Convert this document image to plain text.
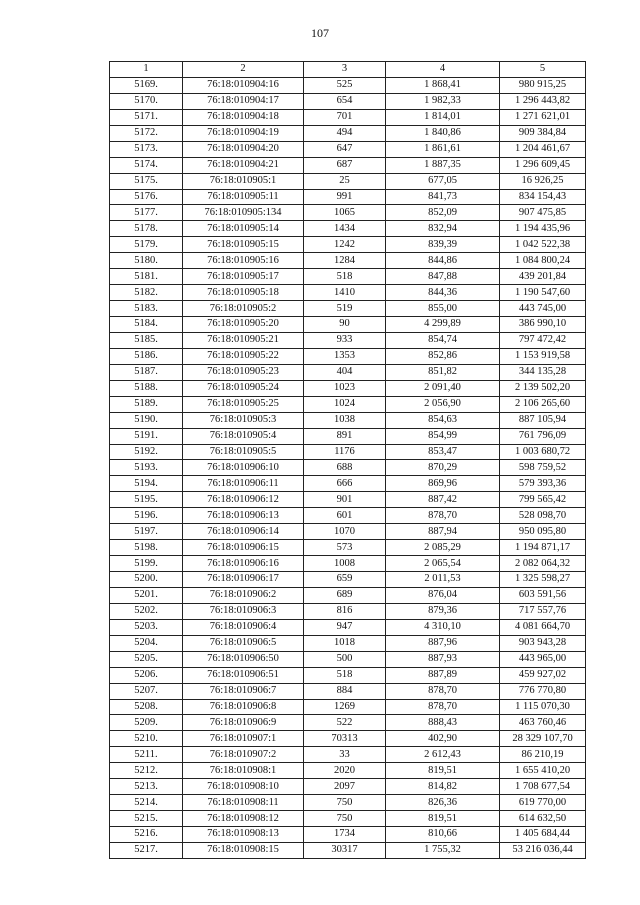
107
1	2	3	4	5
5169.	76:18:010904:16	525	1 868,41	980 915,25
5170.	76:18:010904:17	654	1 982,33	1 296 443,82
5171.	76:18:010904:18	701	1 814,01	1 271 621,01
5172.	76:18:010904:19	494	1 840,86	909 384,84
5173.	76:18:010904:20	647	1 861,61	1 204 461,67
5174.	76:18:010904:21	687	1 887,35	1 296 609,45
5175.	76:18:010905:1	25	677,05	16 926,25
5176.	76:18:010905:11	991	841,73	834 154,43
5177.	76:18:010905:134	1065	852,09	907 475,85
5178.	76:18:010905:14	1434	832,94	1 194 435,96
5179.	76:18:010905:15	1242	839,39	1 042 522,38
5180.	76:18:010905:16	1284	844,86	1 084 800,24
5181.	76:18:010905:17	518	847,88	439 201,84
5182.	76:18:010905:18	1410	844,36	1 190 547,60
5183.	76:18:010905:2	519	855,00	443 745,00
5184.	76:18:010905:20	90	4 299,89	386 990,10
5185.	76:18:010905:21	933	854,74	797 472,42
5186.	76:18:010905:22	1353	852,86	1 153 919,58
5187.	76:18:010905:23	404	851,82	344 135,28
5188.	76:18:010905:24	1023	2 091,40	2 139 502,20
5189.	76:18:010905:25	1024	2 056,90	2 106 265,60
5190.	76:18:010905:3	1038	854,63	887 105,94
5191.	76:18:010905:4	891	854,99	761 796,09
5192.	76:18:010905:5	1176	853,47	1 003 680,72
5193.	76:18:010906:10	688	870,29	598 759,52
5194.	76:18:010906:11	666	869,96	579 393,36
5195.	76:18:010906:12	901	887,42	799 565,42
5196.	76:18:010906:13	601	878,70	528 098,70
5197.	76:18:010906:14	1070	887,94	950 095,80
5198.	76:18:010906:15	573	2 085,29	1 194 871,17
5199.	76:18:010906:16	1008	2 065,54	2 082 064,32
5200.	76:18:010906:17	659	2 011,53	1 325 598,27
5201.	76:18:010906:2	689	876,04	603 591,56
5202.	76:18:010906:3	816	879,36	717 557,76
5203.	76:18:010906:4	947	4 310,10	4 081 664,70
5204.	76:18:010906:5	1018	887,96	903 943,28
5205.	76:18:010906:50	500	887,93	443 965,00
5206.	76:18:010906:51	518	887,89	459 927,02
5207.	76:18:010906:7	884	878,70	776 770,80
5208.	76:18:010906:8	1269	878,70	1 115 070,30
5209.	76:18:010906:9	522	888,43	463 760,46
5210.	76:18:010907:1	70313	402,90	28 329 107,70
5211.	76:18:010907:2	33	2 612,43	86 210,19
5212.	76:18:010908:1	2020	819,51	1 655 410,20
5213.	76:18:010908:10	2097	814,82	1 708 677,54
5214.	76:18:010908:11	750	826,36	619 770,00
5215.	76:18:010908:12	750	819,51	614 632,50
5216.	76:18:010908:13	1734	810,66	1 405 684,44
5217.	76:18:010908:15	30317	1 755,32	53 216 036,44
